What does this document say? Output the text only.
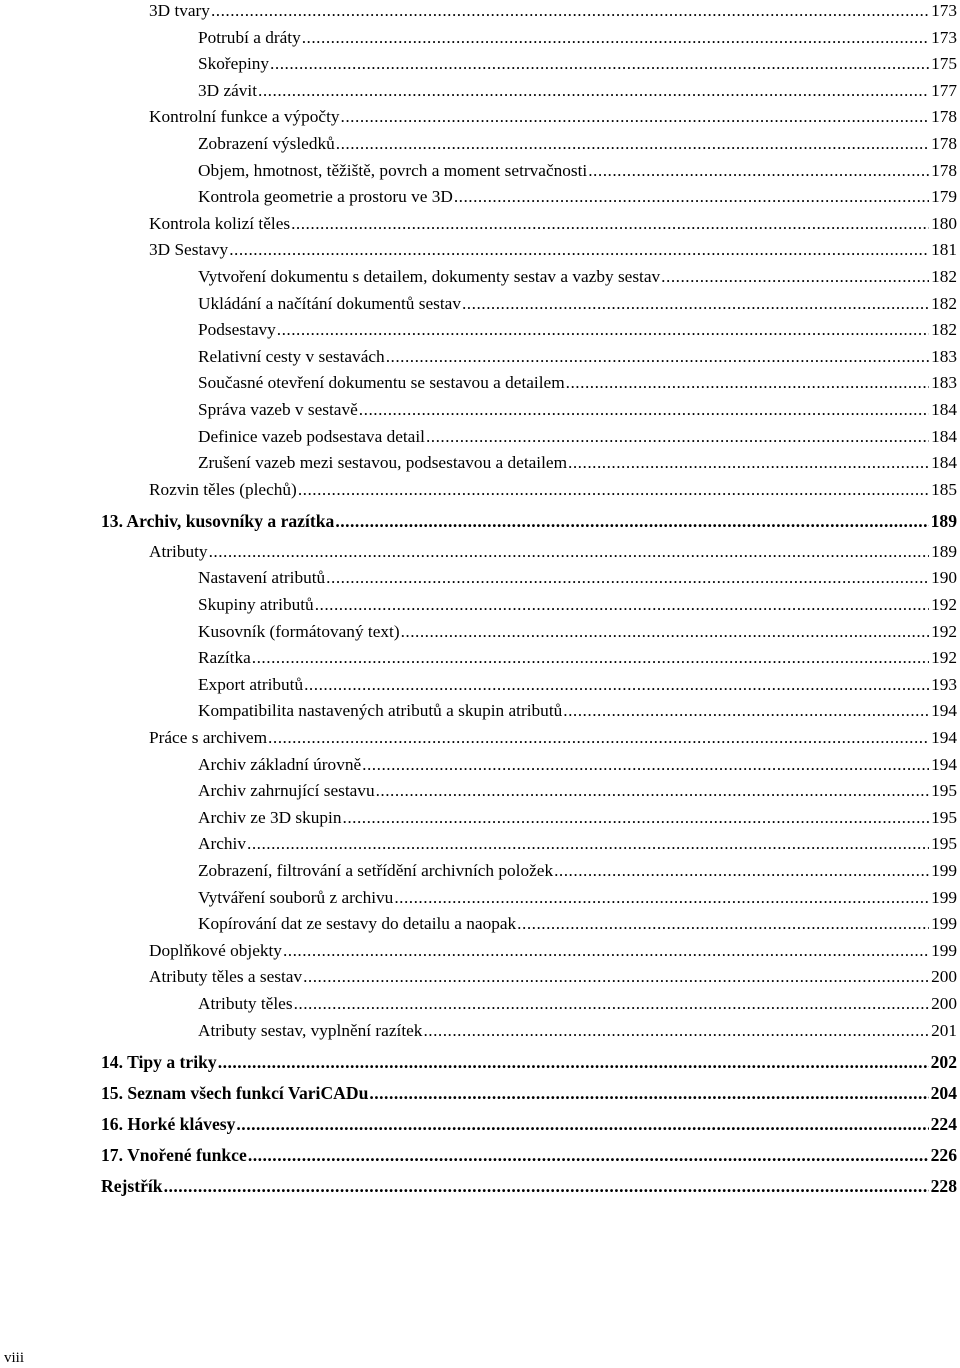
3D tvary .....	173
Potrubí a dráty .....	173
Skořepiny .....	175
3D závit .....	177
Kontrolní funkce a výpočty .....	178
Zobrazení výsledků .....	178
Objem, hmotnost, těžiště, povrch a moment setrvačnosti .....	178
Kontrola geometrie a prostoru ve 3D .....	179
Kontrola kolizí těles .....	180
3D Sestavy .....	181
Vytvoření dokumentu s detailem, dokumenty sestav a vazby sestav .....	182
Ukládání a načítání dokumentů sestav .....	182
Podsestavy .....	182
Relativní cesty v sestavách .....	183
Současné otevření dokumentu se sestavou a detailem .....	183
Správa vazeb v sestavě .....	184
Definice vazeb podsestava detail .....	184
Zrušení vazeb mezi sestavou, podsestavou a detailem .....	184
Rozvin těles (plechů) .....	185
13. Archiv, kusovníky a razítka .....	189
Atributy .....	189
Nastavení atributů .....	190
Skupiny atributů .....	192
Kusovník (formátovaný text) .....	192
Razítka .....	192
Export atributů .....	193
Kompatibilita nastavených atributů a skupin atributů .....	194
Práce s archivem .....	194
Archiv základní úrovně .....	194
Archiv zahrnující sestavu .....	195
Archiv ze 3D skupin .....	195
Archiv .....	195
Zobrazení, filtrování a setřídění archivních položek .....	199
Vytváření souborů z archivu .....	199
Kopírování dat ze sestavy do detailu a naopak .....	199
Doplňkové objekty .....	199
Atributy těles a sestav .....	200
Atributy těles .....	200
Atributy sestav, vyplnění razítek .....	201
14. Tipy a triky .....	202
15. Seznam všech funkcí VariCADu .....	204
16. Horké klávesy .....	224
17. Vnořené funkce .....	226
Rejstřík .....	228
viii
